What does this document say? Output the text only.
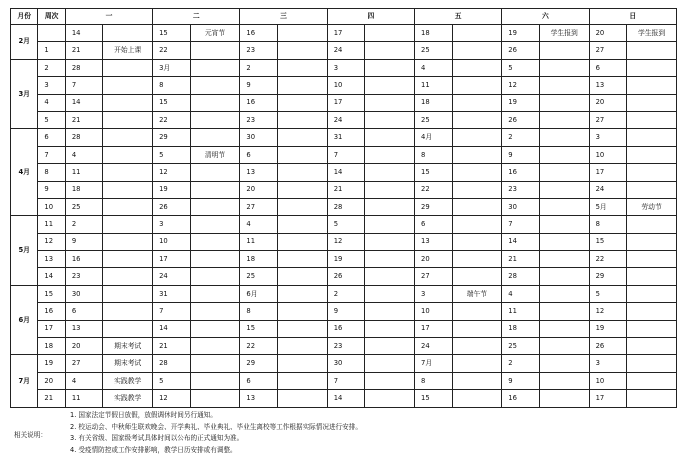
月份	周次	一		二		三		四		五		六		日	
2月		14		15	元宵节	16		17		18		19	学生报到	20	学生报到
	1	21	开始上课	22		23		24		25		26		27	
3月	2	28		3月		2		3		4		5		6	
	3	7		8		9		10		11		12		13	
	4	14		15		16		17		18		19		20	
	5	21		22		23		24		25		26		27	
4月	6	28		29		30		31		4月		2		3	
	7	4		5	清明节	6		7		8		9		10	
	8	11		12		13		14		15		16		17	
	9	18		19		20		21		22		23		24	
	10	25		26		27		28		29		30		5月	劳动节
5月	11	2		3		4		5		6		7		8	
	12	9		10		11		12		13		14		15	
	13	16		17		18		19		20		21		22	
	14	23		24		25		26		27		28		29	
6月	15	30		31		6月		2		3	端午节	4		5	
	16	6		7		8		9		10		11		12	
	17	13		14		15		16		17		18		19	
	18	20	期末考试	21		22		23		24		25		26	
7月	19	27	期末考试	28		29		30		7月		2		3	
	20	4	实践教学	5		6		7		8		9		10	
	21	11	实践教学	12		13		14		15		16		17	
相关说明：
1. 国家法定节假日放假，放假调休时间另行通知。
2. 校运动会、中秋师生联欢晚会、开学典礼、毕业典礼、毕业生离校等工作根据实际情况进行安排。
3. 有关省级、国家级考试具体时间以公布的正式通知为准。
4. 受疫情防控或工作安排影响，教学日历安排或有调整。
